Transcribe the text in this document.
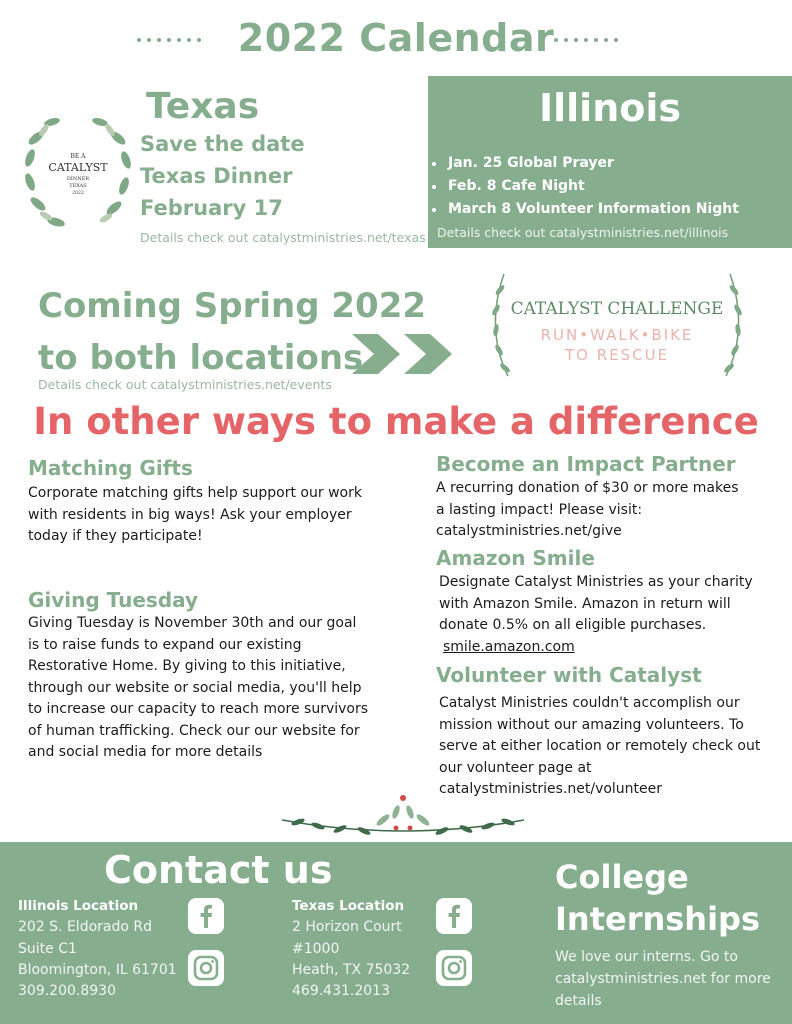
2022 Calendar
BE A
CATALYST
DINNER
TEXAS
2022
Texas
Save the date
Texas Dinner
February 17
Details check out catalystministries.net/texas
Illinois
Jan. 25 Global Prayer
Feb. 8 Cafe Night
March 8 Volunteer Information Night
Details check out catalystministries.net/illinois
Coming Spring 2022
to both locations
Details check out catalystministries.net/events
CATALYST CHALLENGE
RUN•WALK•BIKE
TO RESCUE
In other ways to make a difference
Matching Gifts
Corporate matching gifts help support our work
with residents in big ways! Ask your employer
today if they participate!
Giving Tuesday
Giving Tuesday is November 30th and our goal
is to raise funds to expand our existing
Restorative Home. By giving to this initiative,
through our website or social media, you'll help
to increase our capacity to reach more survivors
of human trafficking. Check our our website for
and social media for more details
Become an Impact Partner
A recurring donation of $30 or more makes
a lasting impact! Please visit:
catalystministries.net/give
Amazon Smile
Designate Catalyst Ministries as your charity
with Amazon Smile. Amazon in return will
donate 0.5% on all eligible purchases.
smile.amazon.com
Volunteer with Catalyst
Catalyst Ministries couldn't accomplish our
mission without our amazing volunteers. To
serve at either location or remotely check out
our volunteer page at
catalystministries.net/volunteer
Contact us
Illinois Location
202 S. Eldorado Rd
Suite C1
Bloomington, IL 61701
309.200.8930
Texas Location
2 Horizon Court
#1000
Heath, TX 75032
469.431.2013
College
Internships
We love our interns. Go to catalystministries.net for more details
